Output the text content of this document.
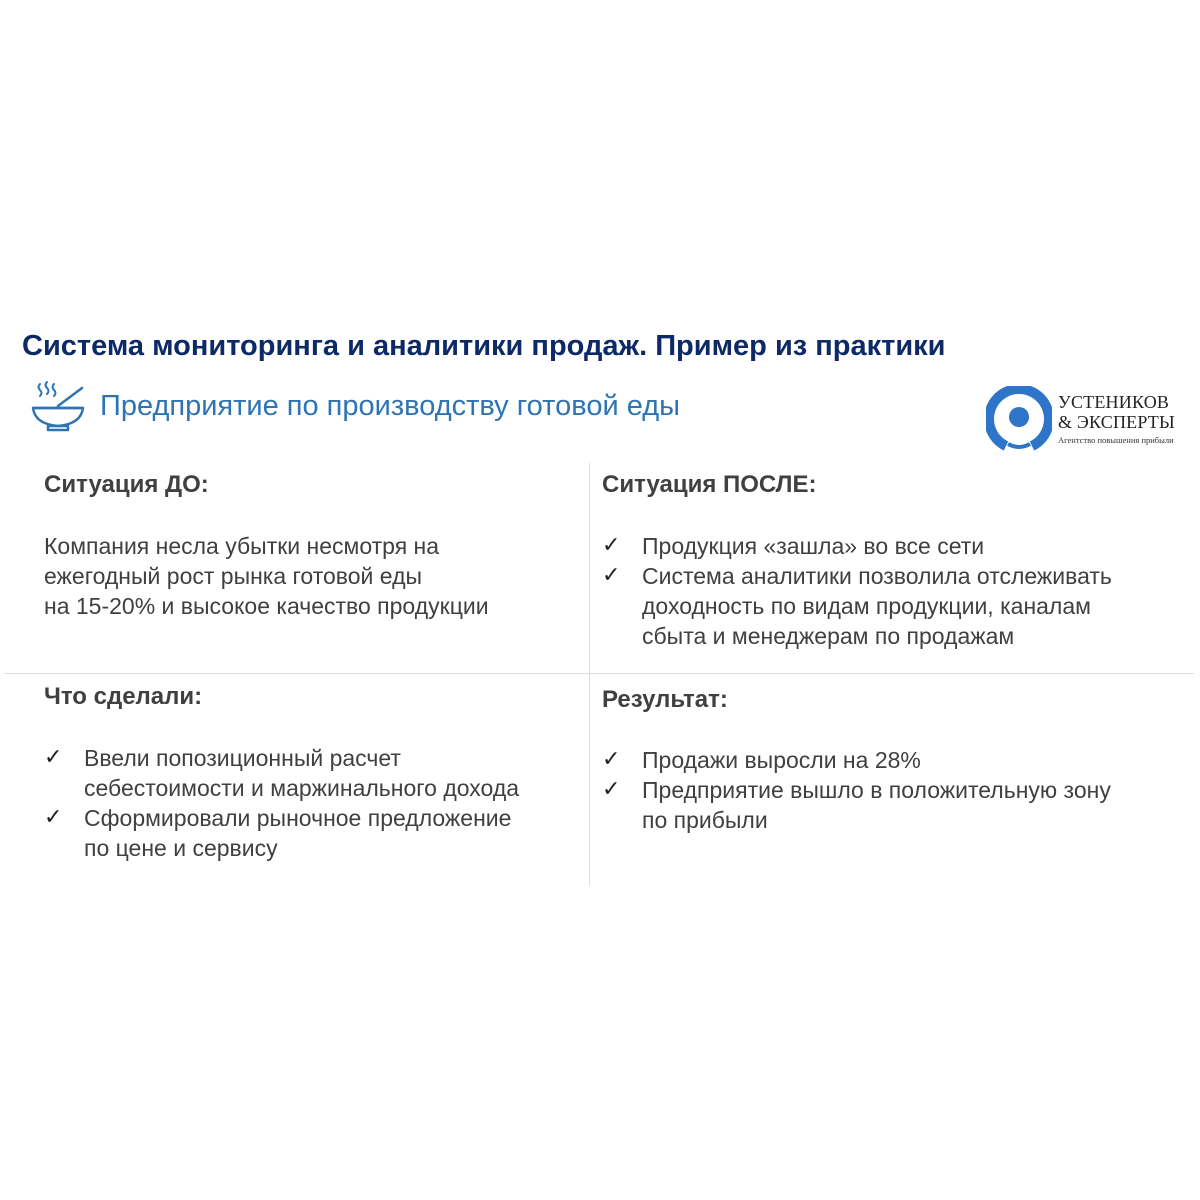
Система мониторинга и аналитики продаж. Пример из практики
Предприятие по производству готовой еды	УСТЕНИКОВ
& ЭКСПЕРТЫ
Агентство повышения прибыли
Ситуация ДО:
Компания несла убытки несмотря на
ежегодный рост рынка готовой еды
на 15-20% и высокое качество продукции
Ситуация ПОСЛЕ:
✓ Продукция «зашла» во все сети
✓ Система аналитики позволила отслеживать
доходность по видам продукции, каналам
сбыта и менеджерам по продажам
Что сделали:
✓ Ввели попозиционный расчет
себестоимости и маржинального дохода
✓ Сформировали рыночное предложение
по цене и сервису
Результат:
✓ Продажи выросли на 28%
✓ Предприятие вышло в положительную зону
по прибыли
